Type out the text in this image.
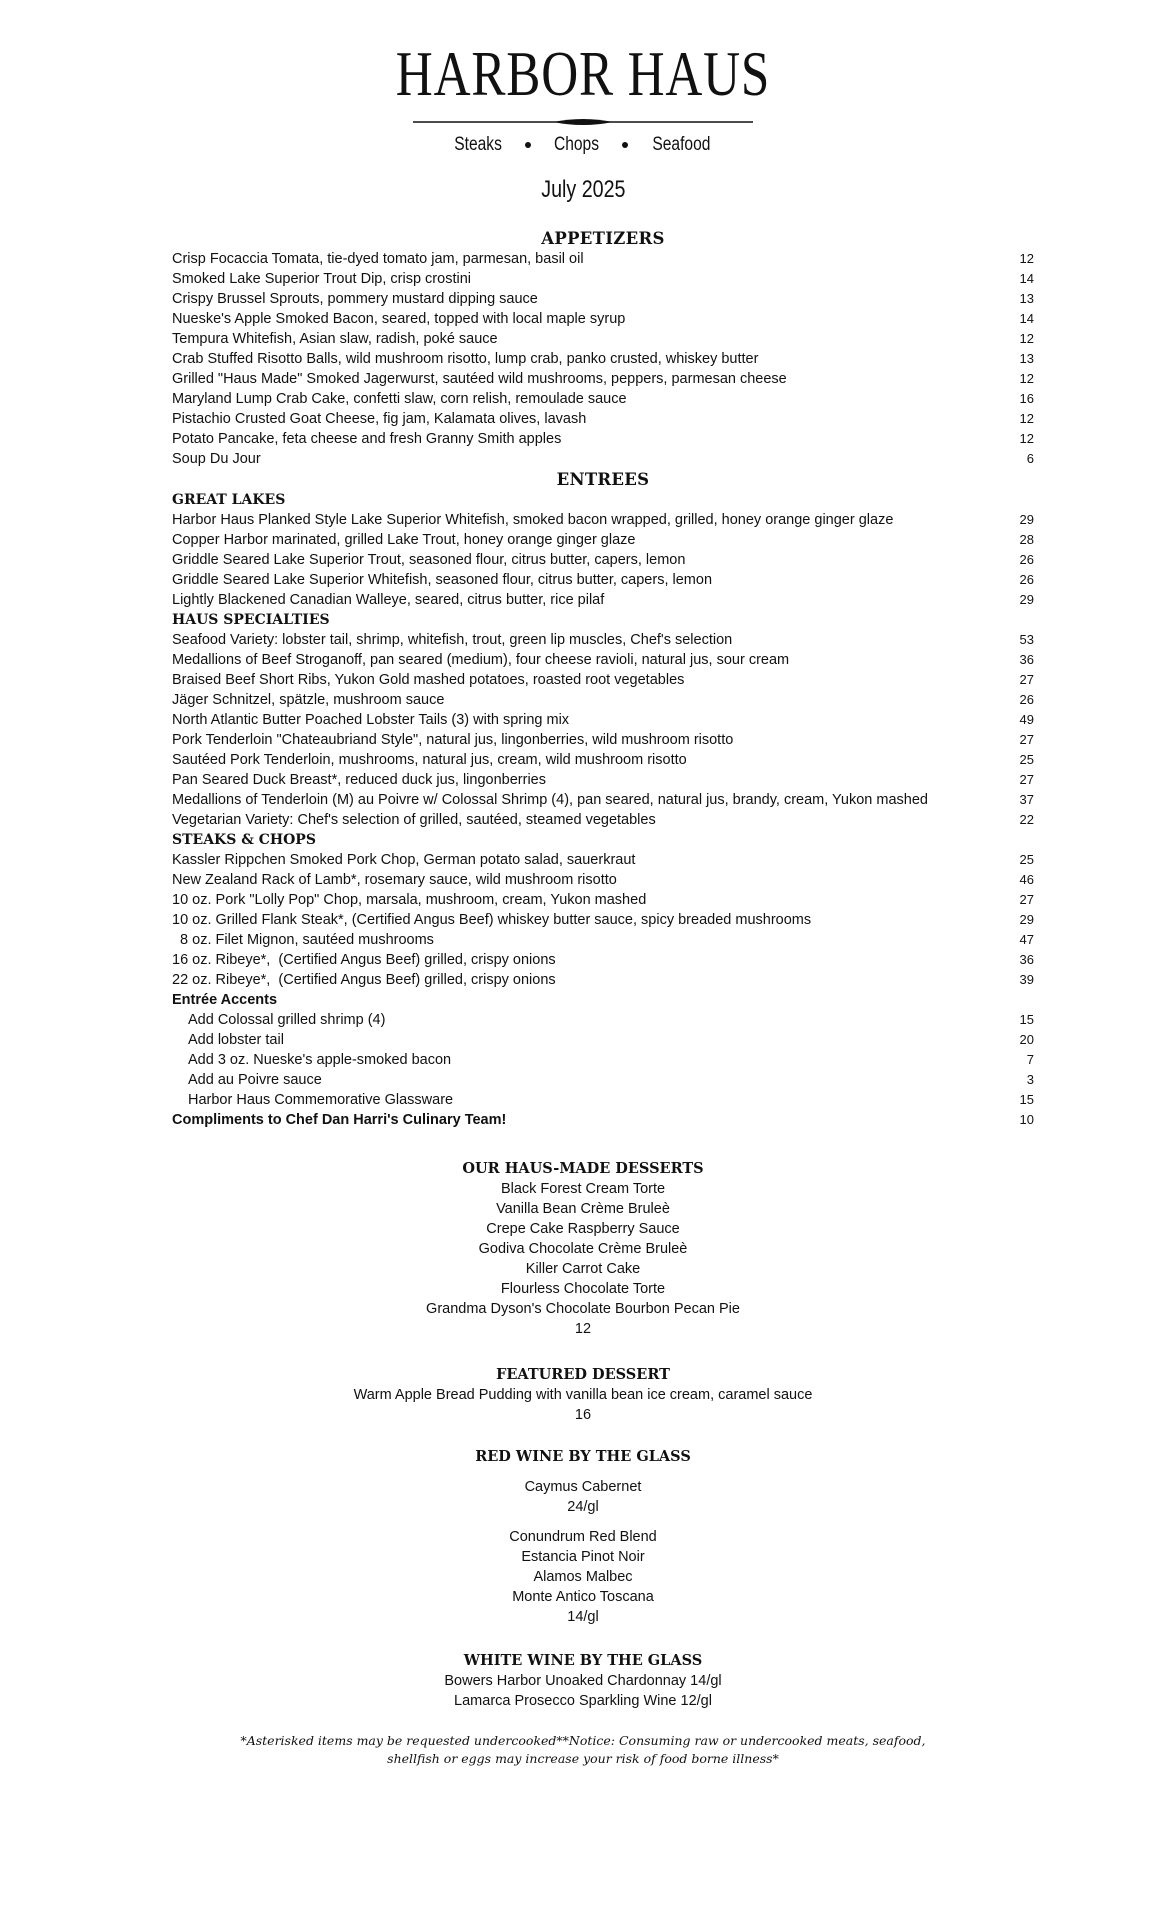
HARBOR HAUS
Steaks	Chops	Seafood
July 2025
APPETIZERS
Crisp Focaccia Tomata, tie-dyed tomato jam, parmesan, basil oil	12
Smoked Lake Superior Trout Dip, crisp crostini	14
Crispy Brussel Sprouts, pommery mustard dipping sauce	13
Nueske's Apple Smoked Bacon, seared, topped with local maple syrup	14
Tempura Whitefish, Asian slaw, radish, poké sauce	12
Crab Stuffed Risotto Balls, wild mushroom risotto, lump crab, panko crusted, whiskey butter	13
Grilled "Haus Made" Smoked Jagerwurst, sautéed wild mushrooms, peppers, parmesan cheese	12
Maryland Lump Crab Cake, confetti slaw, corn relish, remoulade sauce	16
Pistachio Crusted Goat Cheese, fig jam, Kalamata olives, lavash	12
Potato Pancake, feta cheese and fresh Granny Smith apples	12
Soup Du Jour	6
ENTREES
GREAT LAKES
Harbor Haus Planked Style Lake Superior Whitefish, smoked bacon wrapped, grilled, honey orange ginger glaze	29
Copper Harbor marinated, grilled Lake Trout, honey orange ginger glaze	28
Griddle Seared Lake Superior Trout, seasoned flour, citrus butter, capers, lemon	26
Griddle Seared Lake Superior Whitefish, seasoned flour, citrus butter, capers, lemon	26
Lightly Blackened Canadian Walleye, seared, citrus butter, rice pilaf	29
HAUS SPECIALTIES
Seafood Variety: lobster tail, shrimp, whitefish, trout, green lip muscles, Chef's selection	53
Medallions of Beef Stroganoff, pan seared (medium), four cheese ravioli, natural jus, sour cream	36
Braised Beef Short Ribs, Yukon Gold mashed potatoes, roasted root vegetables	27
Jäger Schnitzel, spätzle, mushroom sauce	26
North Atlantic Butter Poached Lobster Tails (3) with spring mix	49
Pork Tenderloin "Chateaubriand Style", natural jus, lingonberries, wild mushroom risotto	27
Sautéed Pork Tenderloin, mushrooms, natural jus, cream, wild mushroom risotto	25
Pan Seared Duck Breast*, reduced duck jus, lingonberries	27
Medallions of Tenderloin (M) au Poivre w/ Colossal Shrimp (4), pan seared, natural jus, brandy, cream, Yukon mashed	37
Vegetarian Variety: Chef's selection of grilled, sautéed, steamed vegetables	22
STEAKS & CHOPS
Kassler Rippchen Smoked Pork Chop, German potato salad, sauerkraut	25
New Zealand Rack of Lamb*, rosemary sauce, wild mushroom risotto	46
10 oz. Pork "Lolly Pop" Chop, marsala, mushroom, cream, Yukon mashed	27
10 oz. Grilled Flank Steak*, (Certified Angus Beef) whiskey butter sauce, spicy breaded mushrooms	29
8 oz. Filet Mignon, sautéed mushrooms	47
16 oz. Ribeye*,  (Certified Angus Beef) grilled, crispy onions	36
22 oz. Ribeye*,  (Certified Angus Beef) grilled, crispy onions	39
Entrée Accents
Add Colossal grilled shrimp (4)	15
Add lobster tail	20
Add 3 oz. Nueske's apple-smoked bacon	7
Add au Poivre sauce	3
Harbor Haus Commemorative Glassware	15
Compliments to Chef Dan Harri's Culinary Team!	10
OUR HAUS-MADE DESSERTS
Black Forest Cream Torte
Vanilla Bean Crème Bruleè
Crepe Cake Raspberry Sauce
Godiva Chocolate Crème Bruleè
Killer Carrot Cake
Flourless Chocolate Torte
Grandma Dyson's Chocolate Bourbon Pecan Pie
12
FEATURED DESSERT
Warm Apple Bread Pudding with vanilla bean ice cream, caramel sauce
16
RED WINE BY THE GLASS
Caymus Cabernet
24/gl
Conundrum Red Blend
Estancia Pinot Noir
Alamos Malbec
Monte Antico Toscana
14/gl
WHITE WINE BY THE GLASS
Bowers Harbor Unoaked Chardonnay 14/gl
Lamarca Prosecco Sparkling Wine 12/gl
*Asterisked items may be requested undercooked**Notice: Consuming raw or undercooked meats, seafood,
shellfish or eggs may increase your risk of food borne illness*
